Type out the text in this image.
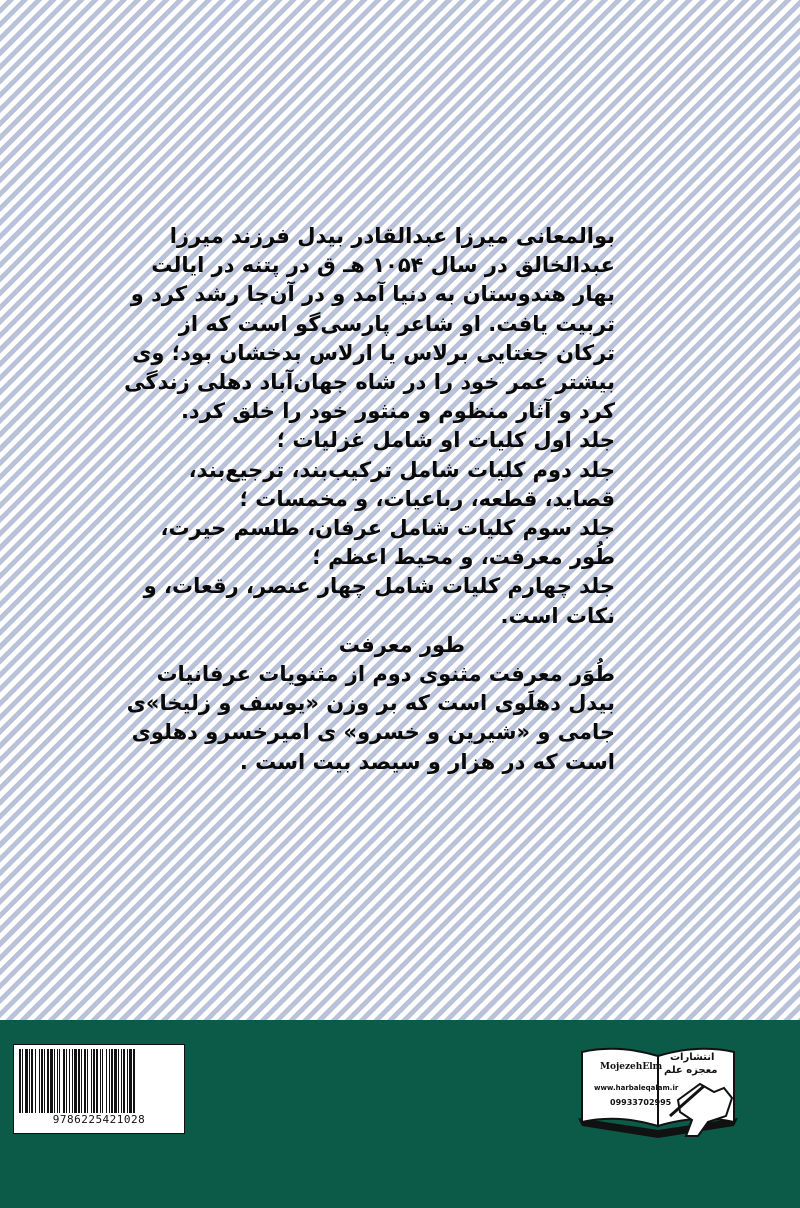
بوالمعانی میرزا عبدالقادر بیدل فرزند میرزا عبدالخالق در سال ۱۰۵۴ هـ ق در پتنه در ایالت بهار هندوستان به دنیا آمد و در آن‌جا رشد کرد و تربیت یافت. او شاعر پارسی‌گو است که از ترکان جغتایی برلاس یا ارلاس بدخشان بود؛ وی بیشتر عمر خود را در شاه جهان‌آباد دهلی زندگی کرد و آثار منظوم و منثور خود را خلق کرد.

جلد اول کلیات او شامل غزلیات ؛

جلد دوم کلیات شامل ترکیب‌بند، ترجیع‌بند، قصاید، قطعه، رباعیات، و مخمسات ؛

جلد سوم کلیات شامل عرفان، طلسم حیرت، طُور معرفت، و محیط اعظم ؛

جلد چهارم کلیات شامل چهار عنصر، رقعات، و نکات است.

طور معرفت

طُوَر معرفت مثنوی دوم از مثنویات عرفانیات بیدل دهلَوی است که بر وزن «یوسف و زلیخا»ی جامی و «شیرین و خسرو» ی امیرخسرو دهلوی است که در هزار و سیصد بیت است .

9786225421028
انتشارات
معجزه علم
MojezehElm
www.harbaleqalam.ir
09933702995
